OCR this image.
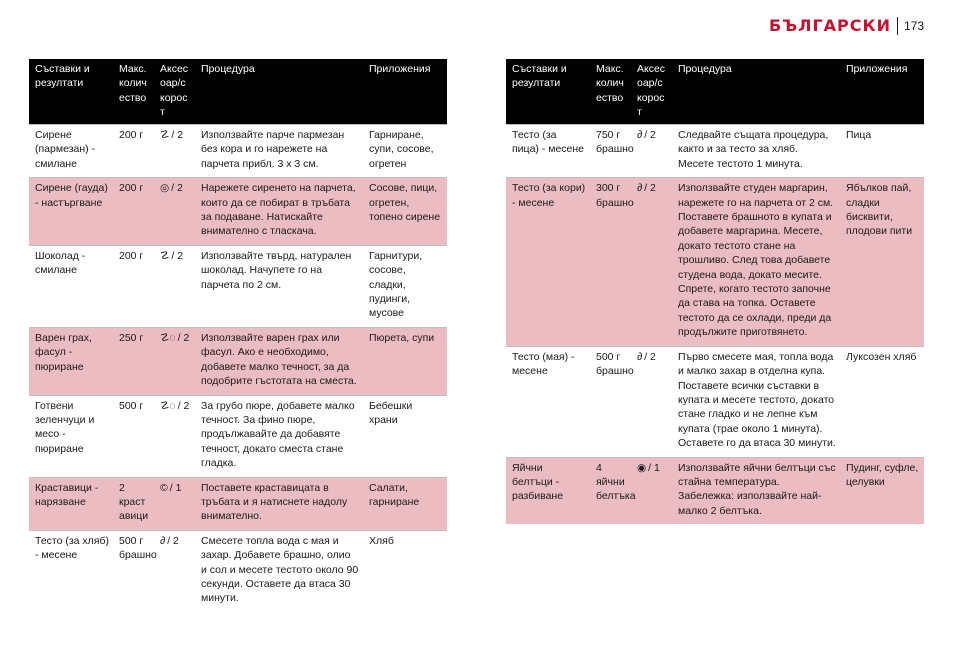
БЪЛГАРСКИ 173
Съставки и резултати	Макс. колич ество	Аксес оар/с корос т	Процедура	Приложения
Сирене (пармезан) - смилане	200 г	☡ / 2	Използвайте парче пармезан без кора и го нарежете на парчета прибл. 3 х 3 см.	Гарниране, супи, сосове, огретен
Сирене (гауда) - настъргване	200 г	◎ / 2	Нарежете сиренето на парчета, които да се побират в тръбата за подаване. Натискайте внимателно с тласкача.	Сосове, пици, огретен, топено сирене
Шоколад - смилане	200 г	☡ / 2	Използвайте твърд, натурален шоколад. Начупете го на парчета по 2 см.	Гарнитури, сосове, сладки, пудинги, мусове
Варен грах, фасул - пюриране	250 г	☡◌ / 2	Използвайте варен грах или фасул. Ако е необходимо, добавете малко течност, за да подобрите гъстотата на сместа.	Пюрета, супи
Готвени зеленчуци и месо - пюриране	500 г	☡◌ / 2	За грубо пюре, добавете малко течност. За фино пюре, продължавайте да добавяте течност, докато сместа стане гладка.	Бебешки храни
Краставици - нарязване	2 краст авици	© / 1	Поставете краставицата в тръбата и я натиснете надолу внимателно.	Салати, гарниране
Тесто (за хляб) - месене	500 г брашно	∂ / 2	Смесете топла вода с мая и захар. Добавете брашно, олио и сол и месете тестото около 90 секунди. Оставете да втаса 30 минути.	Хляб
Съставки и резултати	Макс. колич ество	Аксес оар/с корос т	Процедура	Приложения
Тесто (за пица) - месене	750 г брашно	∂ / 2	Следвайте същата процедура, както и за тесто за хляб. Месете тестото 1 минута.	Пица
Тесто (за кори) - месене	300 г брашно	∂ / 2	Използвайте студен маргарин, нарежете го на парчета от 2 см. Поставете брашното в купата и добавете маргарина. Месете, докато тестото стане на трошливо. След това добавете студена вода, докато месите. Спрете, когато тестото започне да става на топка. Оставете тестото да се охлади, преди да продължите приготвянето.	Ябълков пай, сладки бисквити, плодови пити
Тесто (мая) - месене	500 г брашно	∂ / 2	Първо смесете мая, топла вода и малко захар в отделна купа. Поставете всички съставки в купата и месете тестото, докато стане гладко и не лепне към купата (трае около 1 минута). Оставете го да втаса 30 минути.	Луксозен хляб
Яйчни белтъци - разбиване	4 яйчни белтъка	◉ / 1	Използвайте яйчни белтъци със стайна температура. Забележка: използвайте най-малко 2 белтъка.	Пудинг, суфле, целувки
